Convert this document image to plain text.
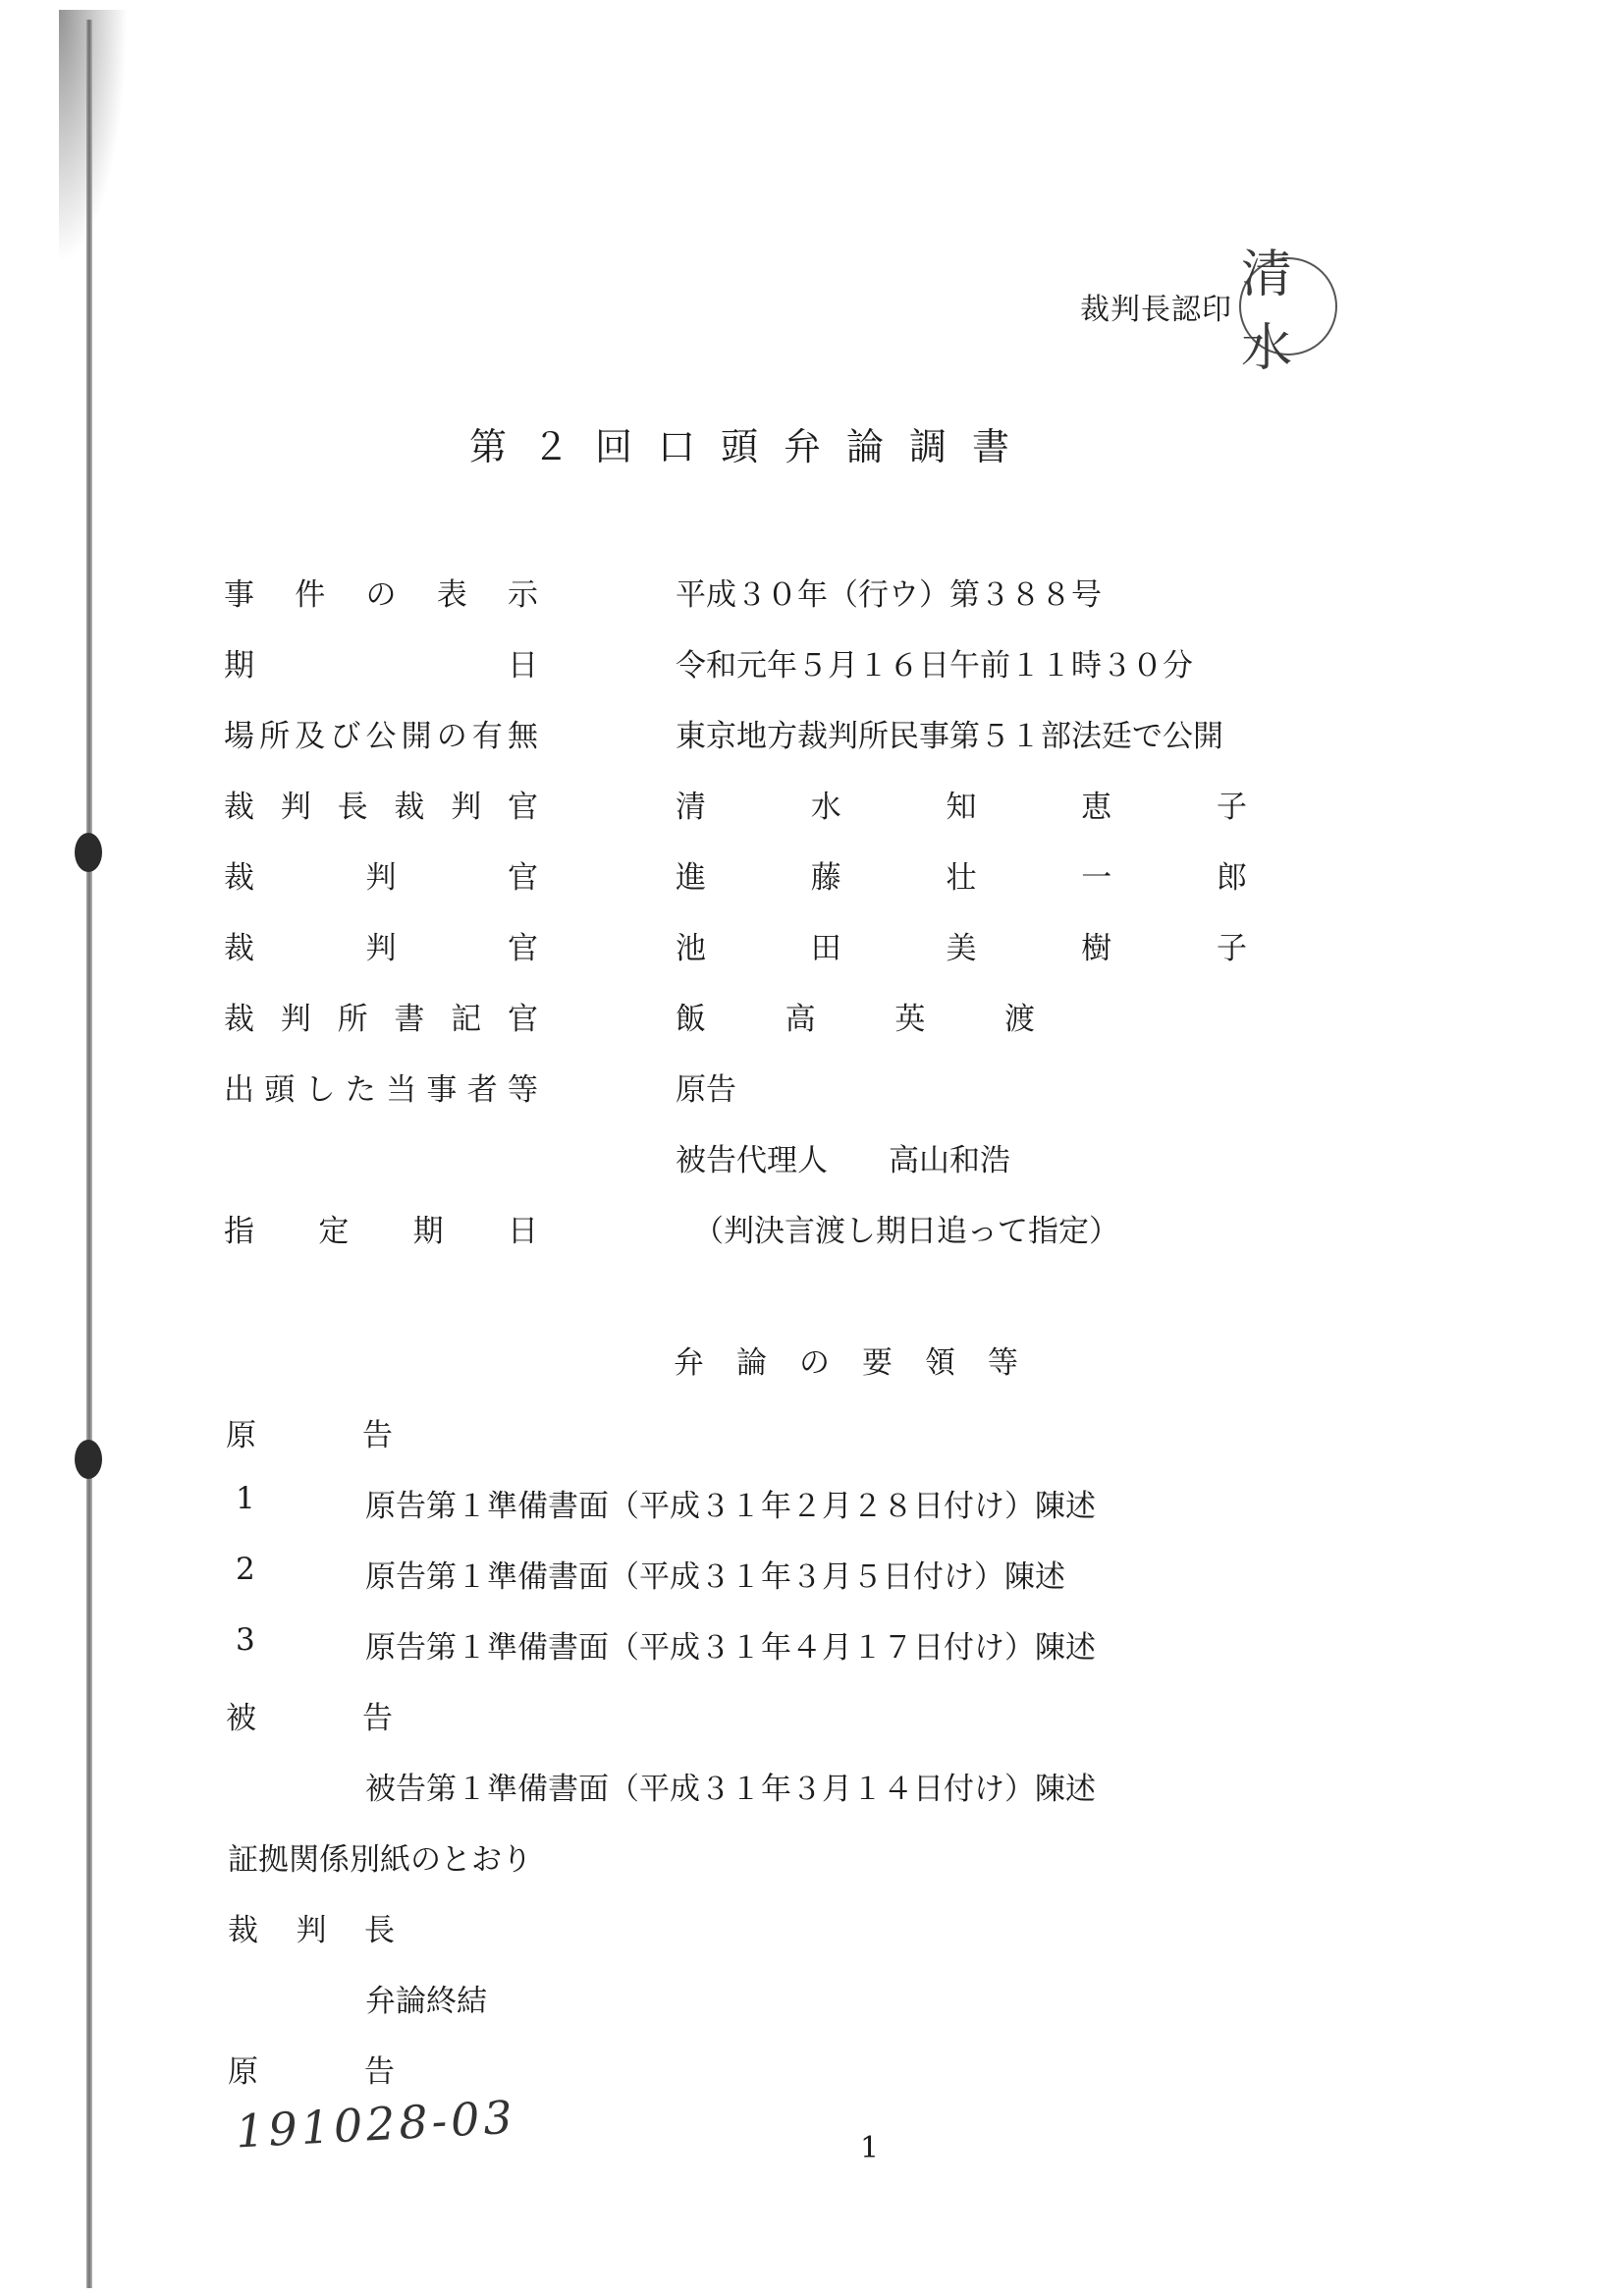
裁判長認印
清水
第２回口頭弁論調書
事 件 の 表 示	平成３０年（行ウ）第３８８号
期	日	令和元年５月１６日午前１１時３０分
場 所 及 び 公 開 の 有 無	東京地方裁判所民事第５１部法廷で公開
裁 判 長 裁 判 官	清	水	知	恵	子
裁	判	官	進	藤	壮	一	郎
裁	判	官	池	田	美	樹	子
裁 判 所 書 記 官	飯	高	英	渡
出 頭 し た 当 事 者 等	原告
被告代理人　　高山和浩
指 定 期 日	（判決言渡し期日追って指定）
弁論の要領等
原	告
1	原告第１準備書面（平成３１年２月２８日付け）陳述
2	原告第１準備書面（平成３１年３月５日付け）陳述
3	原告第１準備書面（平成３１年４月１７日付け）陳述
被	告
被告第１準備書面（平成３１年３月１４日付け）陳述
証拠関係別紙のとおり
裁 判 長
弁論終結
原	告
191028-03	1
